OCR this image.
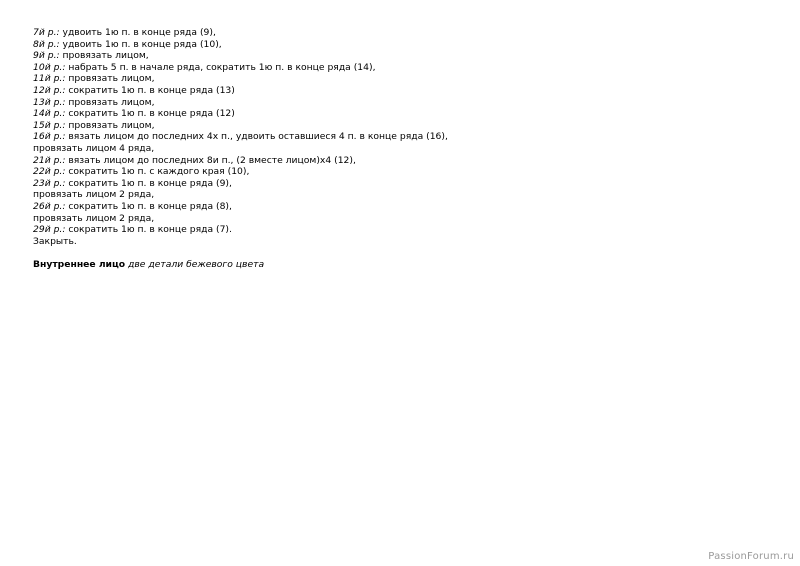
7й р.: удвоить 1ю п. в конце ряда (9),
8й р.: удвоить 1ю п. в конце ряда (10),
9й р.: провязать лицом,
10й р.: набрать 5 п. в начале ряда, сократить 1ю п. в конце ряда (14),
11й р.: провязать лицом,
12й р.: сократить 1ю п. в конце ряда (13)
13й р.: провязать лицом,
14й р.: сократить 1ю п. в конце ряда (12)
15й р.: провязать лицом,
16й р.: вязать лицом до последних 4х п., удвоить оставшиеся 4 п. в конце ряда (16),
провязать лицом 4 ряда,
21й р.: вязать лицом до последних 8и п., (2 вместе лицом)х4 (12),
22й р.: сократить 1ю п. с каждого края (10),
23й р.: сократить 1ю п. в конце ряда (9),
провязать лицом 2 ряда,
26й р.: сократить 1ю п. в конце ряда (8),
провязать лицом 2 ряда,
29й р.: сократить 1ю п. в конце ряда (7).
Закрыть.
Внутреннее лицо две детали бежевого цвета
PassionForum.ru
